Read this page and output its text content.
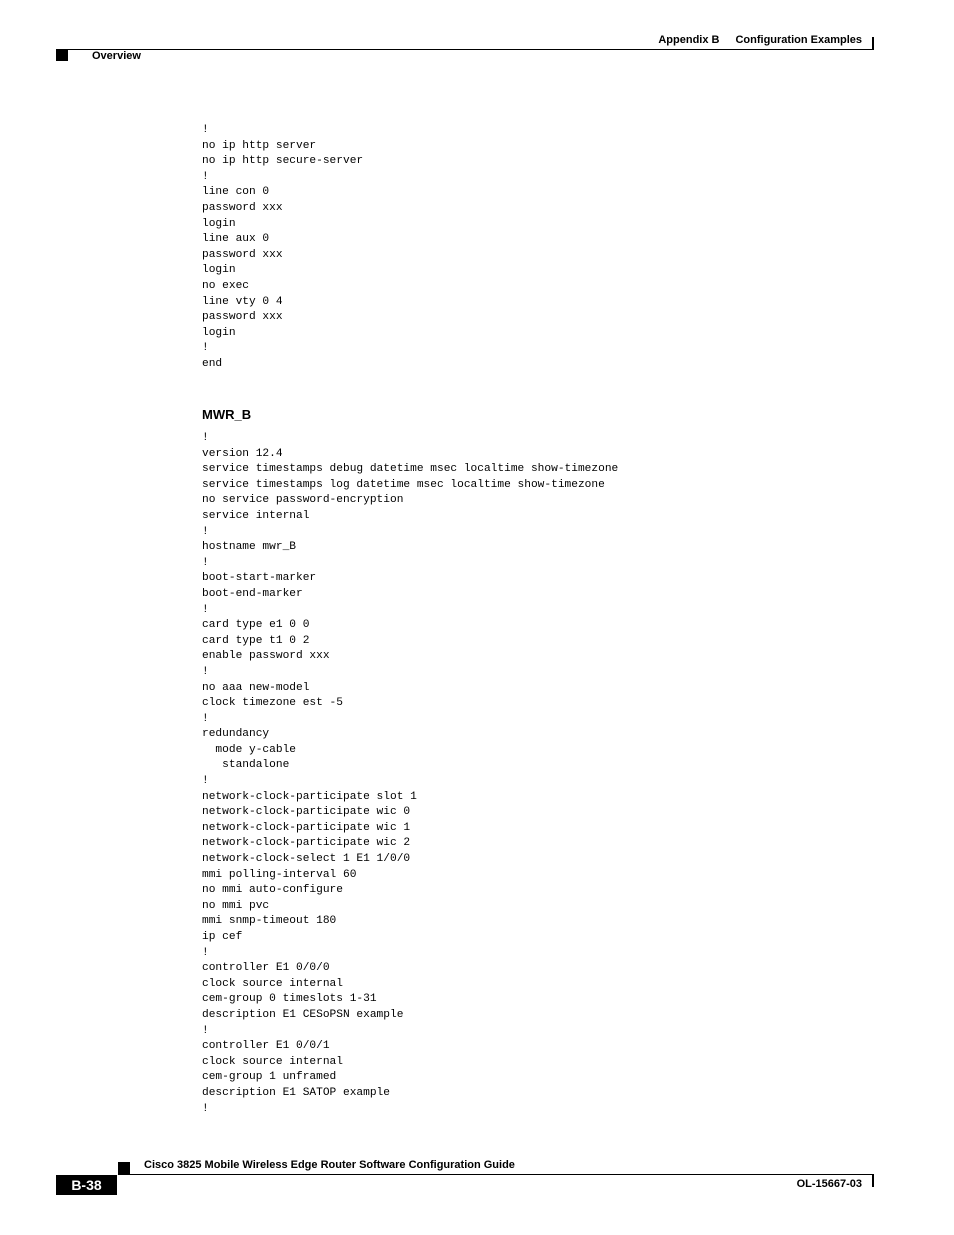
Appendix B Configuration Examples
Overview
!
no ip http server
no ip http secure-server
!
line con 0
password xxx
login
line aux 0
password xxx
login
no exec
line vty 0 4
password xxx
login
!
end
MWR_B
!
version 12.4
service timestamps debug datetime msec localtime show-timezone
service timestamps log datetime msec localtime show-timezone
no service password-encryption
service internal
!
hostname mwr_B
!
boot-start-marker
boot-end-marker
!
card type e1 0 0
card type t1 0 2
enable password xxx
!
no aaa new-model
clock timezone est -5
!
redundancy
mode y-cable
standalone
!
network-clock-participate slot 1
network-clock-participate wic 0
network-clock-participate wic 1
network-clock-participate wic 2
network-clock-select 1 E1 1/0/0
mmi polling-interval 60
no mmi auto-configure
no mmi pvc
mmi snmp-timeout 180
ip cef
!
controller E1 0/0/0
clock source internal
cem-group 0 timeslots 1-31
description E1 CESoPSN example
!
controller E1 0/0/1
clock source internal
cem-group 1 unframed
description E1 SATOP example
!
Cisco 3825 Mobile Wireless Edge Router Software Configuration Guide
B-38	OL-15667-03
